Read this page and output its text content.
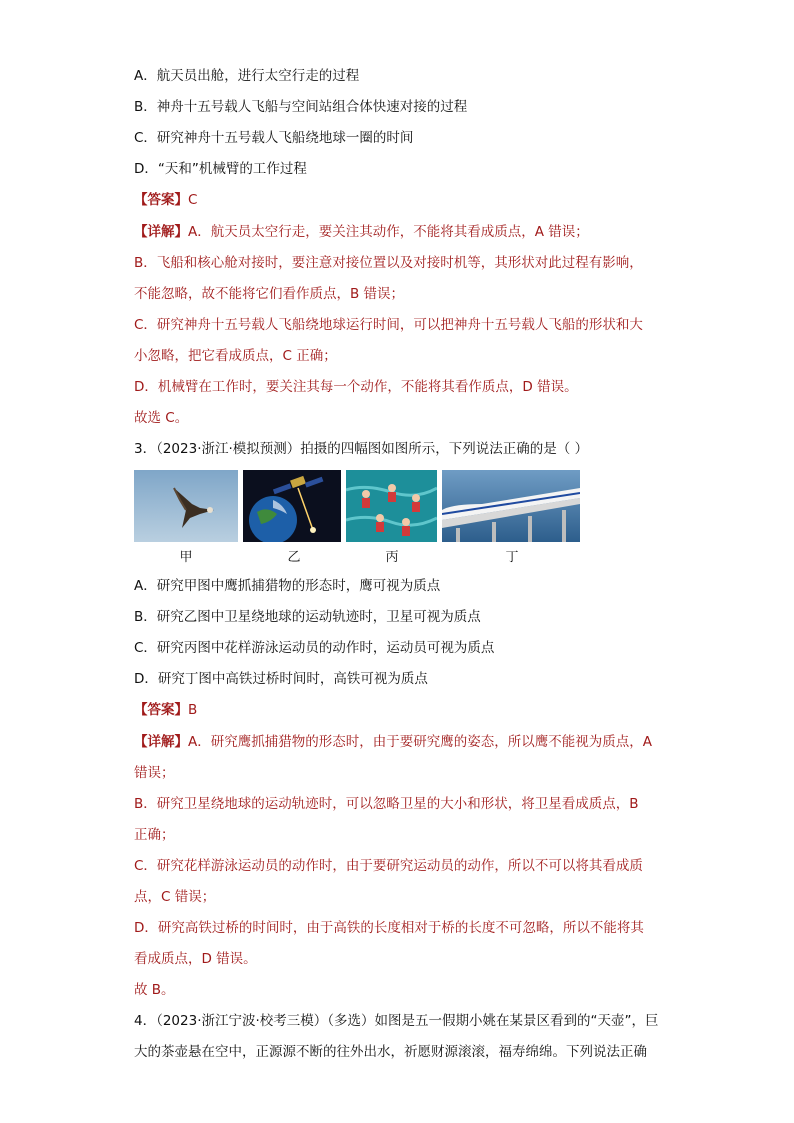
A．航天员出舱，进行太空行走的过程
B．神舟十五号载人飞船与空间站组合体快速对接的过程
C．研究神舟十五号载人飞船绕地球一圈的时间
D．“天和”机械臂的工作过程
【答案】C
【详解】A．航天员太空行走，要关注其动作，不能将其看成质点，A 错误；
B．飞船和核心舱对接时，要注意对接位置以及对接时机等，其形状对此过程有影响，
不能忽略，故不能将它们看作质点，B 错误；
C．研究神舟十五号载人飞船绕地球运行时间，可以把神舟十五号载人飞船的形状和大
小忽略，把它看成质点，C 正确；
D．机械臂在工作时，要关注其每一个动作，不能将其看作质点，D 错误。
故选 C。
3．（2023·浙江·模拟预测）拍摄的四幅图如图所示，下列说法正确的是（ ）
甲	乙	丙	丁
A．研究甲图中鹰抓捕猎物的形态时，鹰可视为质点
B．研究乙图中卫星绕地球的运动轨迹时，卫星可视为质点
C．研究丙图中花样游泳运动员的动作时，运动员可视为质点
D．研究丁图中高铁过桥时间时，高铁可视为质点
【答案】B
【详解】A．研究鹰抓捕猎物的形态时，由于要研究鹰的姿态，所以鹰不能视为质点，A
错误；
B．研究卫星绕地球的运动轨迹时，可以忽略卫星的大小和形状，将卫星看成质点，B
正确；
C．研究花样游泳运动员的动作时，由于要研究运动员的动作，所以不可以将其看成质
点，C 错误；
D．研究高铁过桥的时间时，由于高铁的长度相对于桥的长度不可忽略，所以不能将其
看成质点，D 错误。
故 B。
4．（2023·浙江宁波·校考三模）（多选）如图是五一假期小姚在某景区看到的“天壶”，巨
大的茶壶悬在空中，正源源不断的往外出水，祈愿财源滚滚，福寿绵绵。下列说法正确
